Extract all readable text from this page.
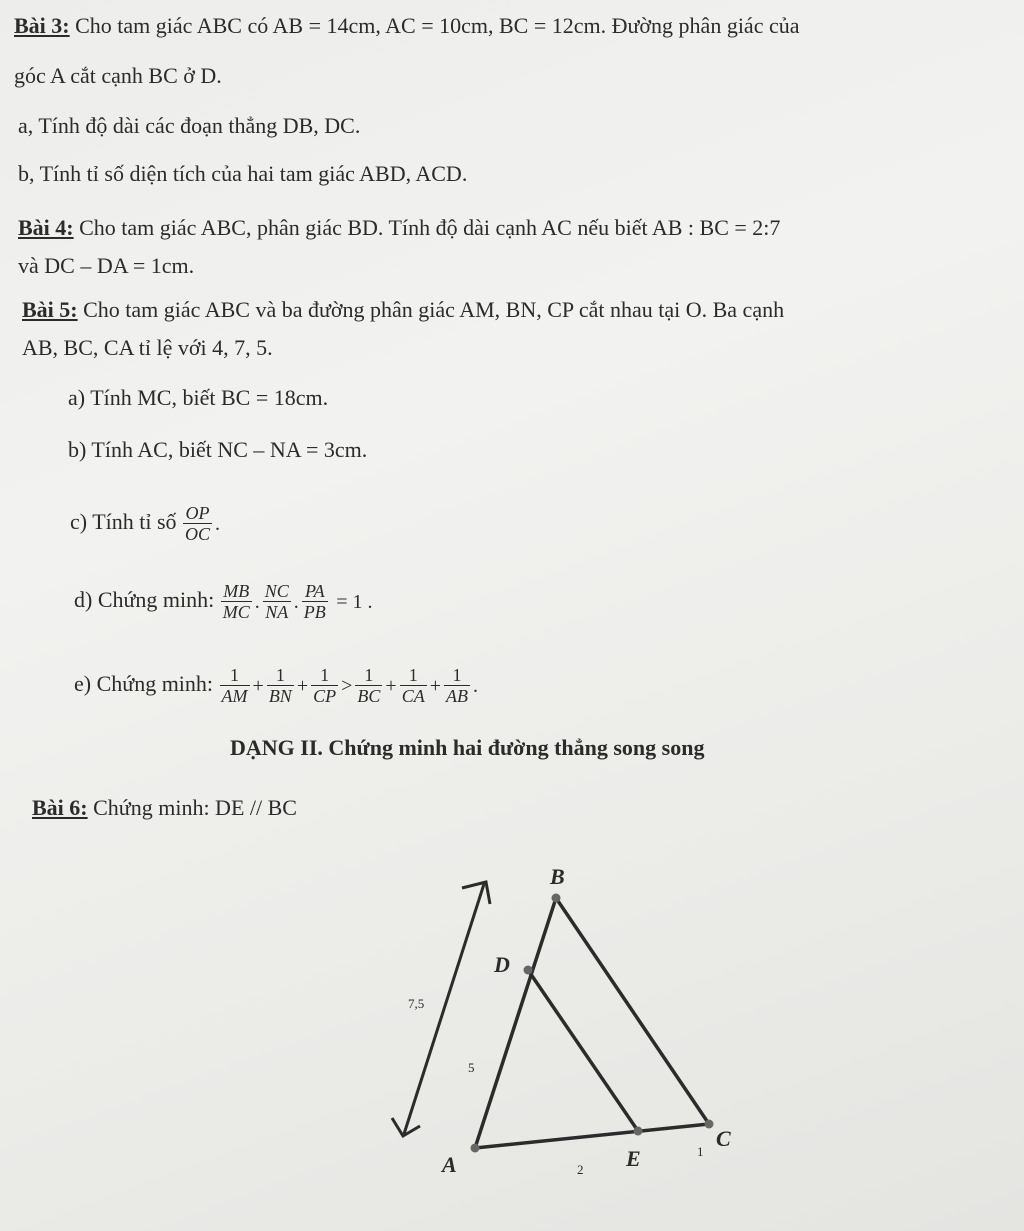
Bài 3: Cho tam giác ABC có AB = 14cm, AC = 10cm, BC = 12cm. Đường phân giác của
góc A cắt cạnh BC ở D.
a, Tính độ dài các đoạn thẳng DB, DC.
b, Tính tỉ số diện tích của hai tam giác ABD, ACD.
Bài 4: Cho tam giác ABC, phân giác BD. Tính độ dài cạnh AC nếu biết AB : BC = 2:7
và DC – DA = 1cm.
Bài 5: Cho tam giác ABC và ba đường phân giác AM, BN, CP cắt nhau tại O. Ba cạnh
AB, BC, CA tỉ lệ với 4, 7, 5.
a) Tính MC, biết BC = 18cm.
b) Tính AC, biết NC – NA = 3cm.
c) Tính tỉ số $\frac{OP}{OC}$ .
d) Chứng minh: $\frac{MB}{MC}$ . $\frac{NC}{NA}$ . $\frac{PA}{PB} = 1$ .
e) Chứng minh: $\frac{1}{AM} + \frac{1}{BN} + \frac{1}{CP} > \frac{1}{BC} + \frac{1}{CA} + \frac{1}{AB}$ .
DẠNG II. Chứng minh hai đường thẳng song song
Bài 6: Chứng minh: DE // BC
B
D
A	E
C
7,5
5
2
1
